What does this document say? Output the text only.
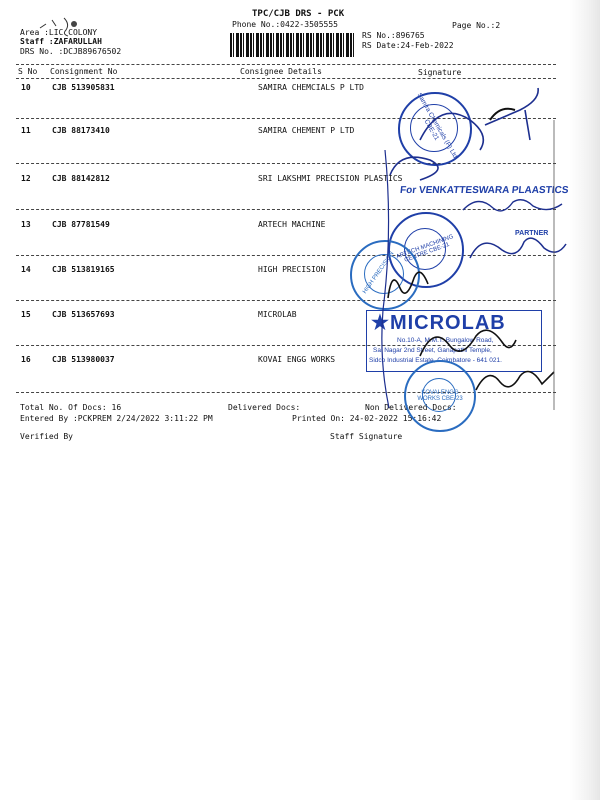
TPC/CJB DRS - PCK
Phone No.:0422-3505555	Page No.:2
Area :LIC COLONY
Staff :ZAFARULLAH
DRS No. :DCJB89676502
RS No.:896765
RS Date:24-Feb-2022
S No Consignment No	Consignee Details	Signature
10	CJB 513905831	SAMIRA CHEMCIALS P LTD
11	CJB 88173410	SAMIRA CHEMENT P LTD
12	CJB 88142812	SRI LAKSHMI PRECISION PLASTICS
13	CJB 87781549	ARTECH MACHINE
14	CJB 513819165	HIGH PRECISION
15	CJB 513657693	MICROLAB
16	CJB 513980037	KOVAI ENGG WORKS
Total No. Of Docs: 16	Delivered Docs:	Non Delivered Docs:
Entered By :PCKPREM 2/24/2022 3:11:22 PM	Printed On: 24-02-2022 15:16:42
Verified By	Staff Signature
Samira Chemicals (P) Ltd. CBE-21
For VENKATTESWARA PLAASTICS
ARTECH MACHINING CENTRE CBE-21
PARTNER
HIGH PRECISION
★MICROLAB
No.10-A, M.M.T. Bungalow Road,
Sai Nagar 2nd Street, Ganapathi Temple,
Sidco Industrial Estate, Coimbatore - 641 021.
KOVAI ENGG WORKS CBE-23
